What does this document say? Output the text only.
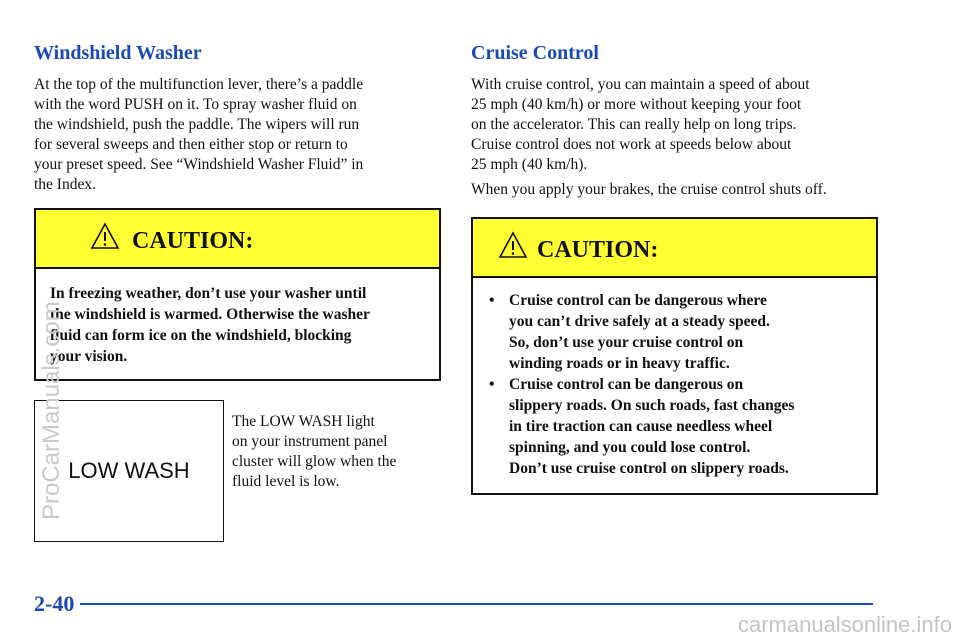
Windshield Washer
At the top of the multifunction lever, there’s a paddle
with the word PUSH on it. To spray washer fluid on
the windshield, push the paddle. The wipers will run
for several sweeps and then either stop or return to
your preset speed. See “Windshield Washer Fluid” in
the Index.
CAUTION:
In freezing weather, don’t use your washer until
the windshield is warmed. Otherwise the washer
fluid can form ice on the windshield, blocking
your vision.
LOW WASH
The LOW WASH light
on your instrument panel
cluster will glow when the
fluid level is low.
Cruise Control
With cruise control, you can maintain a speed of about
25 mph (40 km/h) or more without keeping your foot
on the accelerator. This can really help on long trips.
Cruise control does not work at speeds below about
25 mph (40 km/h).
When you apply your brakes, the cruise control shuts off.
CAUTION:
• Cruise control can be dangerous where
you can’t drive safely at a steady speed.
So, don’t use your cruise control on
winding roads or in heavy traffic.
• Cruise control can be dangerous on
slippery roads. On such roads, fast changes
in tire traction can cause needless wheel
spinning, and you could lose control.
Don’t use cruise control on slippery roads.
2-40
ProCarManuals.com
carmanualsonline.info
